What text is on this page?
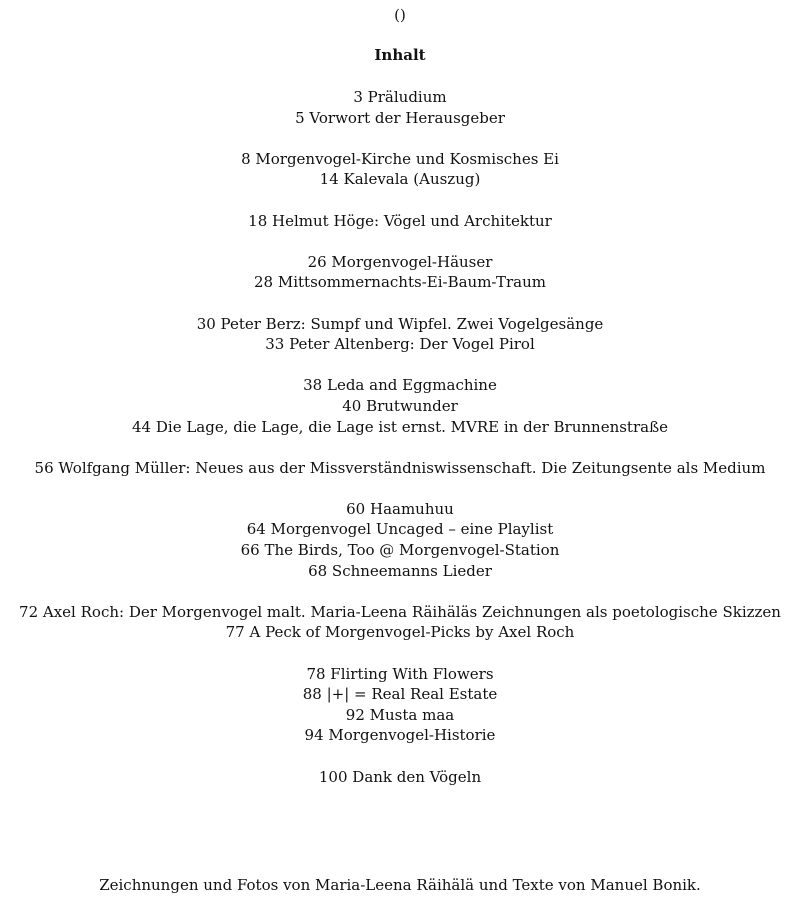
()
Inhalt
3 Präludium
5 Vorwort der Herausgeber
8 Morgenvogel-Kirche und Kosmisches Ei
14 Kalevala (Auszug)
18 Helmut Höge: Vögel und Architektur
26 Morgenvogel-Häuser
28 Mittsommernachts-Ei-Baum-Traum
30 Peter Berz: Sumpf und Wipfel. Zwei Vogelgesänge
33 Peter Altenberg: Der Vogel Pirol
38 Leda and Eggmachine
40 Brutwunder
44 Die Lage, die Lage, die Lage ist ernst. MVRE in der Brunnenstraße
56 Wolfgang Müller: Neues aus der Missverständniswissenschaft. Die Zeitungsente als Medium
60 Haamuhuu
64 Morgenvogel Uncaged – eine Playlist
66 The Birds, Too @ Morgenvogel-Station
68 Schneemanns Lieder
72 Axel Roch: Der Morgenvogel malt. Maria-Leena Räihäläs Zeichnungen als poetologische Skizzen
77 A Peck of Morgenvogel-Picks by Axel Roch
78 Flirting With Flowers
88 |+| = Real Real Estate
92 Musta maa
94 Morgenvogel-Historie
100 Dank den Vögeln
Zeichnungen und Fotos von Maria-Leena Räihälä und Texte von Manuel Bonik.
